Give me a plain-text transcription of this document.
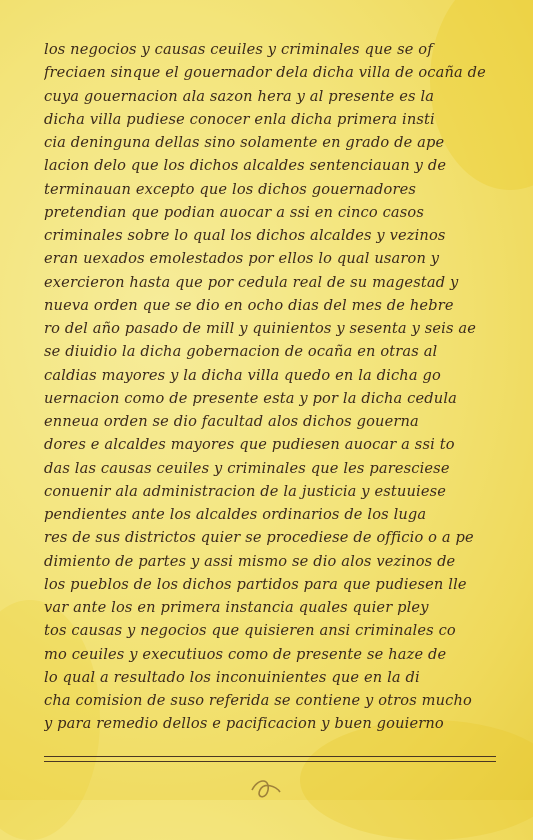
los negocios y causas ceuiles y criminales que se of
freciaen sinque el gouernador dela dicha villa de ocaña de
cuya gouernacion ala sazon hera y al presente es la
dicha villa pudiese conocer enla dicha primera insti
cia deninguna dellas sino solamente en grado de ape
lacion delo que los dichos alcaldes sentenciauan y de
terminauan excepto que los dichos gouernadores
pretendian que podian auocar a ssi en cinco casos
criminales sobre lo qual los dichos alcaldes y vezinos
eran uexados emolestados por ellos lo qual usaron y
exercieron hasta que por cedula real de su magestad y
nueva orden que se dio en ocho dias del mes de hebre
ro del año pasado de mill y quinientos y sesenta y seis ae
se diuidio la dicha gobernacion de ocaña en otras al
caldias mayores y la dicha villa quedo en la dicha go
uernacion como de presente esta y por la dicha cedula
enneua orden se dio facultad alos dichos gouerna
dores e alcaldes mayores que pudiesen auocar a ssi to
das las causas ceuiles y criminales que les paresciese
conuenir ala administracion de la justicia y estuuiese
pendientes ante los alcaldes ordinarios de los luga
res de sus districtos quier se procediese de officio o a pe
dimiento de partes y assi mismo se dio alos vezinos de
los pueblos de los dichos partidos para que pudiesen lle
var ante los en primera instancia quales quier pley
tos causas y negocios que quisieren ansi criminales co
mo ceuiles y executiuos como de presente se haze de
lo qual a resultado los inconuinientes que en la di
cha comision de suso referida se contiene y otros mucho
y para remedio dellos e pacificacion y buen gouierno
